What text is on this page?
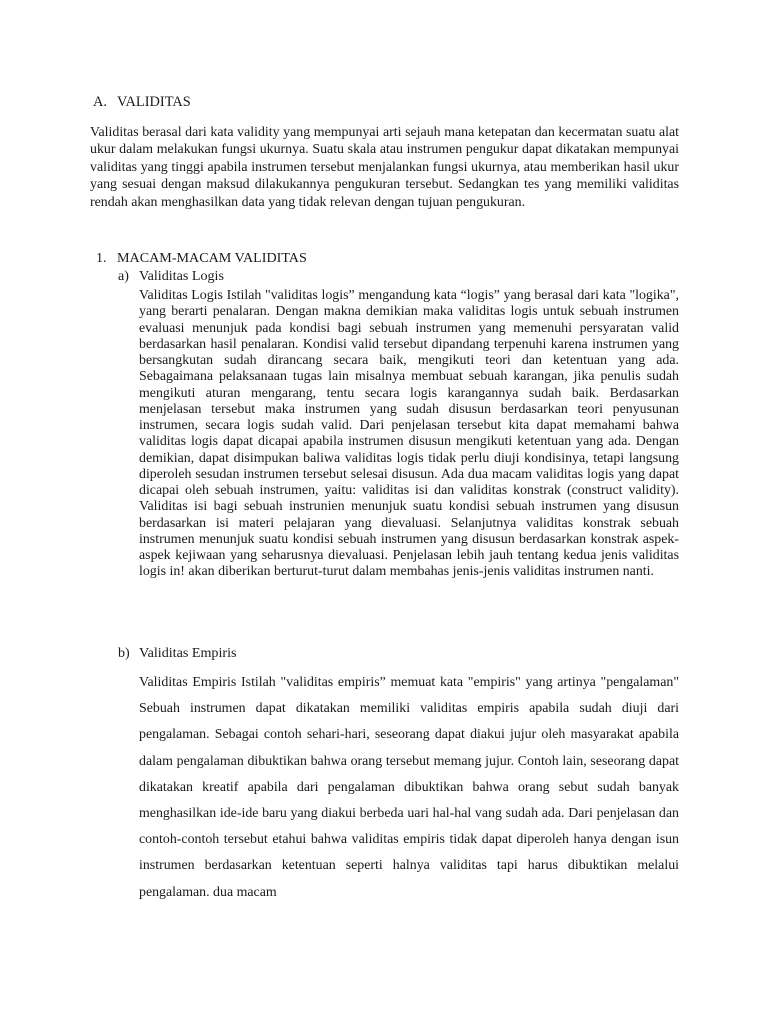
A. VALIDITAS

Validitas berasal dari kata validity yang mempunyai arti sejauh mana ketepatan dan kecermatan suatu alat ukur dalam melakukan fungsi ukurnya. Suatu skala atau instrumen pengukur dapat dikatakan mempunyai validitas yang tinggi apabila instrumen tersebut menjalankan fungsi ukurnya, atau memberikan hasil ukur yang sesuai dengan maksud dilakukannya pengukuran tersebut. Sedangkan tes yang memiliki validitas rendah akan menghasilkan data yang tidak relevan dengan tujuan pengukuran.

1. MACAM-MACAM VALIDITAS
a) Validitas Logis

Validitas Logis Istilah "validitas logis” mengandung kata “logis” yang berasal dari kata "logika", yang berarti penalaran. Dengan makna demikian maka validitas logis untuk sebuah instrumen evaluasi menunjuk pada kondisi bagi sebuah instrumen yang memenuhi persyaratan valid berdasarkan hasil penalaran. Kondisi valid tersebut dipandang terpenuhi karena instrumen yang bersangkutan sudah dirancang secara baik, mengikuti teori dan ketentuan yang ada. Sebagaimana pelaksanaan tugas lain misalnya membuat sebuah karangan, jika penulis sudah mengikuti aturan mengarang, tentu secara logis karangannya sudah baik. Berdasarkan menjelasan tersebut maka instrumen yang sudah disusun berdasarkan teori penyusunan instrumen, secara logis sudah valid. Dari penjelasan tersebut kita dapat memahami bahwa validitas logis dapat dicapai apabila instrumen disusun mengikuti ketentuan yang ada. Dengan demikian, dapat disimpukan baliwa validitas logis tidak perlu diuji kondisinya, tetapi langsung diperoleh sesudan instrumen tersebut selesai disusun. Ada dua macam validitas logis yang dapat dicapai oleh sebuah instrumen, yaitu: validitas isi dan validitas konstrak (construct validity). Validitas isi bagi sebuah instrunien menunjuk suatu kondisi sebuah instrumen yang disusun berdasarkan isi materi pelajaran yang dievaluasi. Selanjutnya validitas konstrak sebuah instrumen menunjuk suatu kondisi sebuah instrumen yang disusun berdasarkan konstrak aspek-aspek kejiwaan yang seharusnya dievaluasi. Penjelasan lebih jauh tentang kedua jenis validitas logis in! akan diberikan berturut-turut dalam membahas jenis-jenis validitas instrumen nanti.

b) Validitas Empiris

Validitas Empiris Istilah "validitas empiris” memuat kata "empiris" yang artinya "pengalaman" Sebuah instrumen dapat dikatakan memiliki validitas empiris apabila sudah diuji dari pengalaman. Sebagai contoh sehari-hari, seseorang dapat diakui jujur oleh masyarakat apabila dalam pengalaman dibuktikan bahwa orang tersebut memang jujur. Contoh lain, seseorang dapat dikatakan kreatif apabila dari pengalaman dibuktikan bahwa orang sebut sudah banyak menghasilkan ide-ide baru yang diakui berbeda uari hal-hal vang sudah ada. Dari penjelasan dan contoh-contoh tersebut etahui bahwa validitas empiris tidak dapat diperoleh hanya dengan isun instrumen berdasarkan ketentuan seperti halnya validitas tapi harus dibuktikan melalui pengalaman. dua macam
